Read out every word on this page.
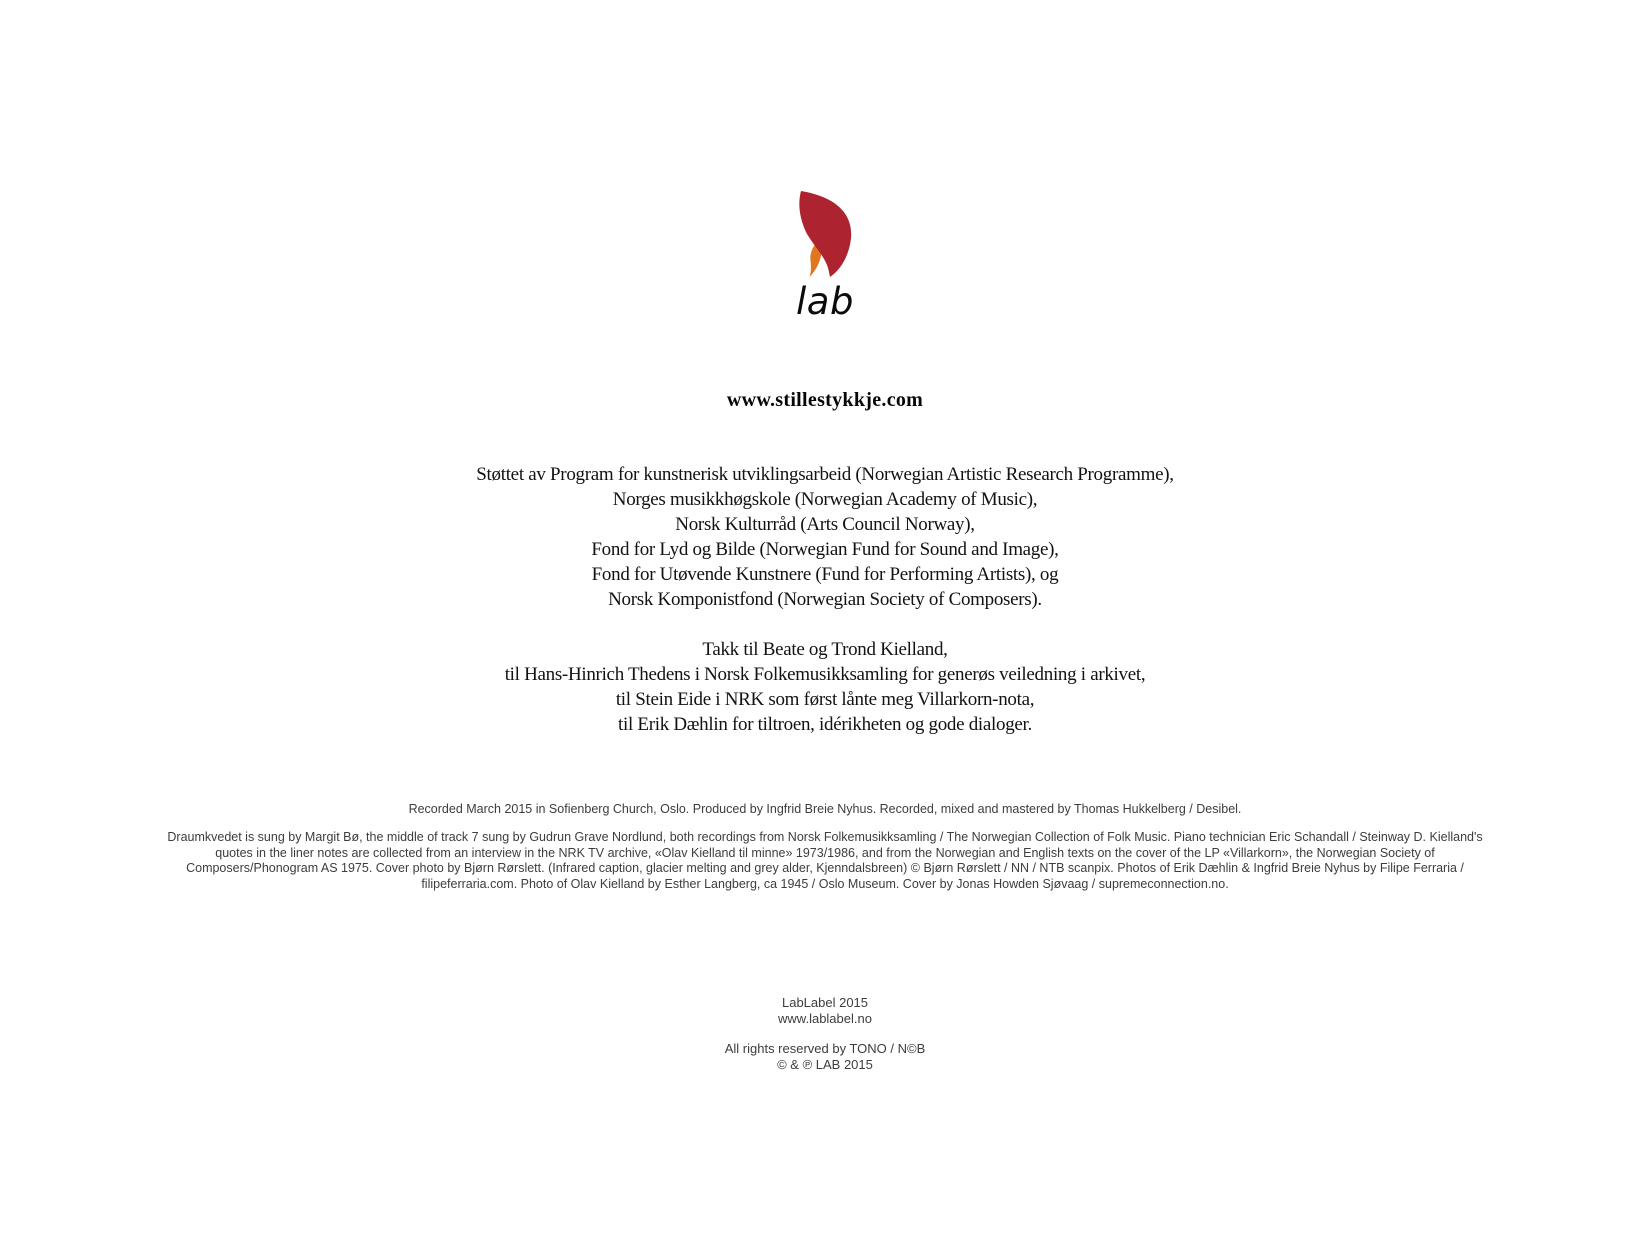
lab
www.stillestykkje.com
Støttet av Program for kunstnerisk utviklingsarbeid (Norwegian Artistic Research Programme),
Norges musikkhøgskole (Norwegian Academy of Music),
Norsk Kulturråd (Arts Council Norway),
Fond for Lyd og Bilde (Norwegian Fund for Sound and Image),
Fond for Utøvende Kunstnere (Fund for Performing Artists), og
Norsk Komponistfond (Norwegian Society of Composers).
Takk til Beate og Trond Kielland,
til Hans-Hinrich Thedens i Norsk Folkemusikksamling for generøs veiledning i arkivet,
til Stein Eide i NRK som først lånte meg Villarkorn-nota,
til Erik Dæhlin for tiltroen, idérikheten og gode dialoger.
Recorded March 2015 in Sofienberg Church, Oslo. Produced by Ingfrid Breie Nyhus. Recorded, mixed and mastered by Thomas Hukkelberg / Desibel.
Draumkvedet is sung by Margit Bø, the middle of track 7 sung by Gudrun Grave Nordlund, both recordings from Norsk Folkemusikksamling / The Norwegian Collection of Folk Music. Piano technician Eric Schandall / Steinway D. Kielland's quotes in the liner notes are collected from an interview in the NRK TV archive, «Olav Kielland til minne» 1973/1986, and from the Norwegian and English texts on the cover of the LP «Villarkorn», the Norwegian Society of Composers/Phonogram AS 1975. Cover photo by Bjørn Rørslett. (Infrared caption, glacier melting and grey alder, Kjenndalsbreen) © Bjørn Rørslett / NN / NTB scanpix. Photos of Erik Dæhlin & Ingfrid Breie Nyhus by Filipe Ferraria / filipeferraria.com. Photo of Olav Kielland by Esther Langberg, ca 1945 / Oslo Museum. Cover by Jonas Howden Sjøvaag / supremeconnection.no.
LabLabel 2015
www.lablabel.no
All rights reserved by TONO / N©B
© & ℗ LAB 2015
